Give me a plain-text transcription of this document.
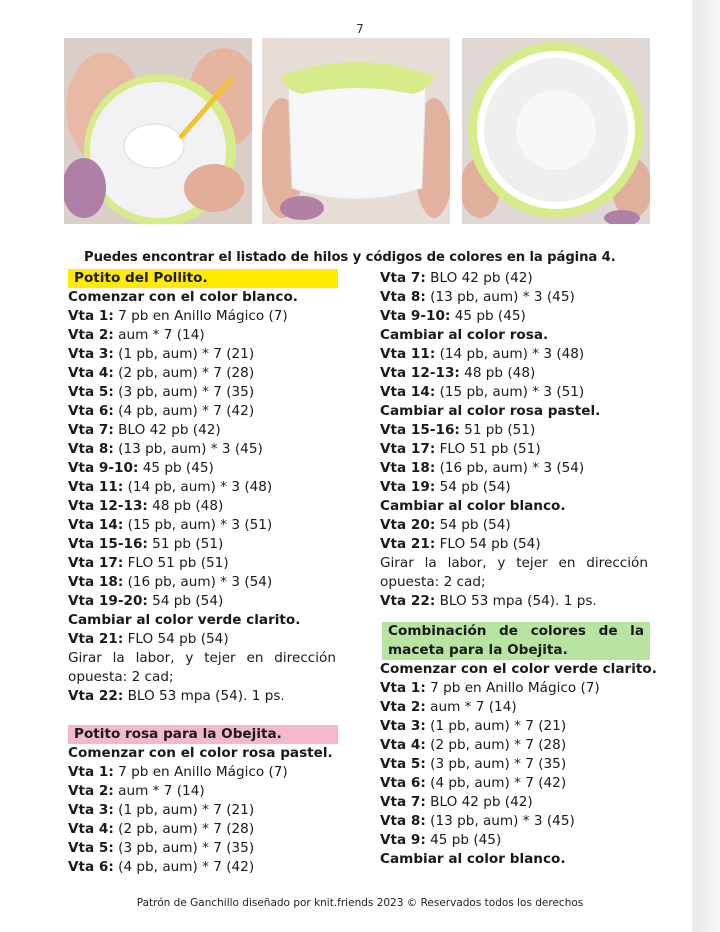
7
Puedes encontrar el listado de hilos y códigos de colores en la página 4.
Potito del Pollito.
Comenzar con el color blanco.
Vta 1: 7 pb en Anillo Mágico (7)
Vta 2: aum * 7 (14)
Vta 3: (1 pb, aum) * 7 (21)
Vta 4: (2 pb, aum) * 7 (28)
Vta 5: (3 pb, aum) * 7 (35)
Vta 6: (4 pb, aum) * 7 (42)
Vta 7: BLO 42 pb (42)
Vta 8: (13 pb, aum) * 3 (45)
Vta 9-10: 45 pb (45)
Vta 11: (14 pb, aum) * 3 (48)
Vta 12-13: 48 pb (48)
Vta 14: (15 pb, aum) * 3 (51)
Vta 15-16: 51 pb (51)
Vta 17: FLO 51 pb (51)
Vta 18: (16 pb, aum) * 3 (54)
Vta 19-20: 54 pb (54)
Cambiar al color verde clarito.
Vta 21: FLO 54 pb (54)
Girar la labor, y tejer en dirección
opuesta: 2 cad;
Vta 22: BLO 53 mpa (54). 1 ps.
Potito rosa para la Obejita.
Comenzar con el color rosa pastel.
Vta 1: 7 pb en Anillo Mágico (7)
Vta 2: aum * 7 (14)
Vta 3: (1 pb, aum) * 7 (21)
Vta 4: (2 pb, aum) * 7 (28)
Vta 5: (3 pb, aum) * 7 (35)
Vta 6: (4 pb, aum) * 7 (42)
Vta 7: BLO 42 pb (42)
Vta 8: (13 pb, aum) * 3 (45)
Vta 9-10: 45 pb (45)
Cambiar al color rosa.
Vta 11: (14 pb, aum) * 3 (48)
Vta 12-13: 48 pb (48)
Vta 14: (15 pb, aum) * 3 (51)
Cambiar al color rosa pastel.
Vta 15-16: 51 pb (51)
Vta 17: FLO 51 pb (51)
Vta 18: (16 pb, aum) * 3 (54)
Vta 19: 54 pb (54)
Cambiar al color blanco.
Vta 20: 54 pb (54)
Vta 21: FLO 54 pb (54)
Girar la labor, y tejer en dirección
opuesta: 2 cad;
Vta 22: BLO 53 mpa (54). 1 ps.
Combinación de colores de la
maceta para la Obejita.
Comenzar con el color verde clarito.
Vta 1: 7 pb en Anillo Mágico (7)
Vta 2: aum * 7 (14)
Vta 3: (1 pb, aum) * 7 (21)
Vta 4: (2 pb, aum) * 7 (28)
Vta 5: (3 pb, aum) * 7 (35)
Vta 6: (4 pb, aum) * 7 (42)
Vta 7: BLO 42 pb (42)
Vta 8: (13 pb, aum) * 3 (45)
Vta 9: 45 pb (45)
Cambiar al color blanco.
Patrón de Ganchillo diseñado por knit.friends 2023 © Reservados todos los derechos
